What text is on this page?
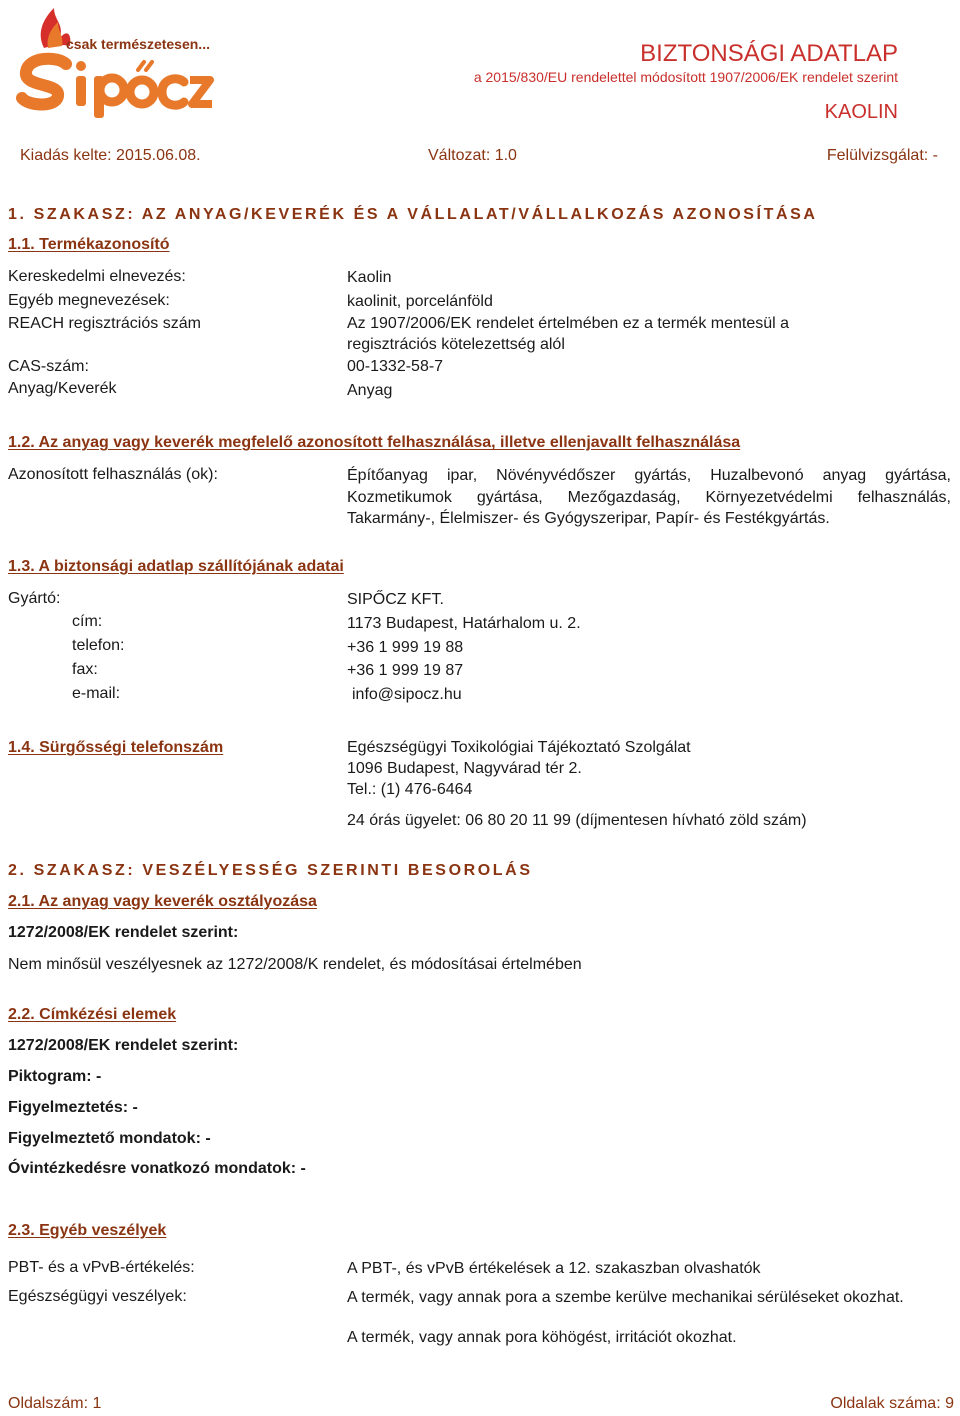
csak természetesen...	BIZTONSÁGI ADATLAP
a 2015/830/EU rendelettel módosított 1907/2006/EK rendelet szerint
KAOLIN
Kiadás kelte: 2015.06.08.	Változat: 1.0	Felülvizsgálat: -
1. SZAKASZ: AZ ANYAG/KEVERÉK ÉS A VÁLLALAT/VÁLLALKOZÁS AZONOSÍTÁSA
1.1. Termékazonosító
Kereskedelmi elnevezés:	Kaolin
Egyéb megnevezések:	kaolinit, porcelánföld
REACH regisztrációs szám	Az 1907/2006/EK rendelet értelmében ez a termék mentesül a
regisztrációs kötelezettség alól
CAS-szám:	00-1332-58-7
Anyag/Keverék	Anyag
1.2. Az anyag vagy keverék megfelelő azonosított felhasználása, illetve ellenjavallt felhasználása
Azonosított felhasználás (ok):	Építőanyag ipar, Növényvédőszer gyártás, Huzalbevonó anyag gyártása, Kozmetikumok gyártása, Mezőgazdaság, Környezetvédelmi felhasználás, Takarmány-, Élelmiszer- és Gyógyszeripar, Papír- és Festékgyártás.
1.3. A biztonsági adatlap szállítójának adatai
Gyártó:	SIPŐCZ KFT.
cím:	1173 Budapest, Határhalom u. 2.
telefon:	+36 1 999 19 88
fax:	+36 1 999 19 87
e-mail:	info@sipocz.hu
1.4. Sürgősségi telefonszám	Egészségügyi Toxikológiai Tájékoztató Szolgálat
1096 Budapest, Nagyvárad tér 2.
Tel.: (1) 476-6464
24 órás ügyelet: 06 80 20 11 99 (díjmentesen hívható zöld szám)
2. SZAKASZ: VESZÉLYESSÉG SZERINTI BESOROLÁS
2.1. Az anyag vagy keverék osztályozása
1272/2008/EK rendelet szerint:
Nem minősül veszélyesnek az 1272/2008/K rendelet, és módosításai értelmében
2.2. Címkézési elemek
1272/2008/EK rendelet szerint:
Piktogram: -
Figyelmeztetés: -
Figyelmeztető mondatok: -
Óvintézkedésre vonatkozó mondatok: -
2.3. Egyéb veszélyek
PBT- és a vPvB-értékelés:	A PBT-, és vPvB értékelések a 12. szakaszban olvashatók
Egészségügyi veszélyek:	A termék, vagy annak pora a szembe kerülve mechanikai sérüléseket okozhat.
A termék, vagy annak pora köhögést, irritációt okozhat.
Oldalszám: 1	Oldalak száma: 9
